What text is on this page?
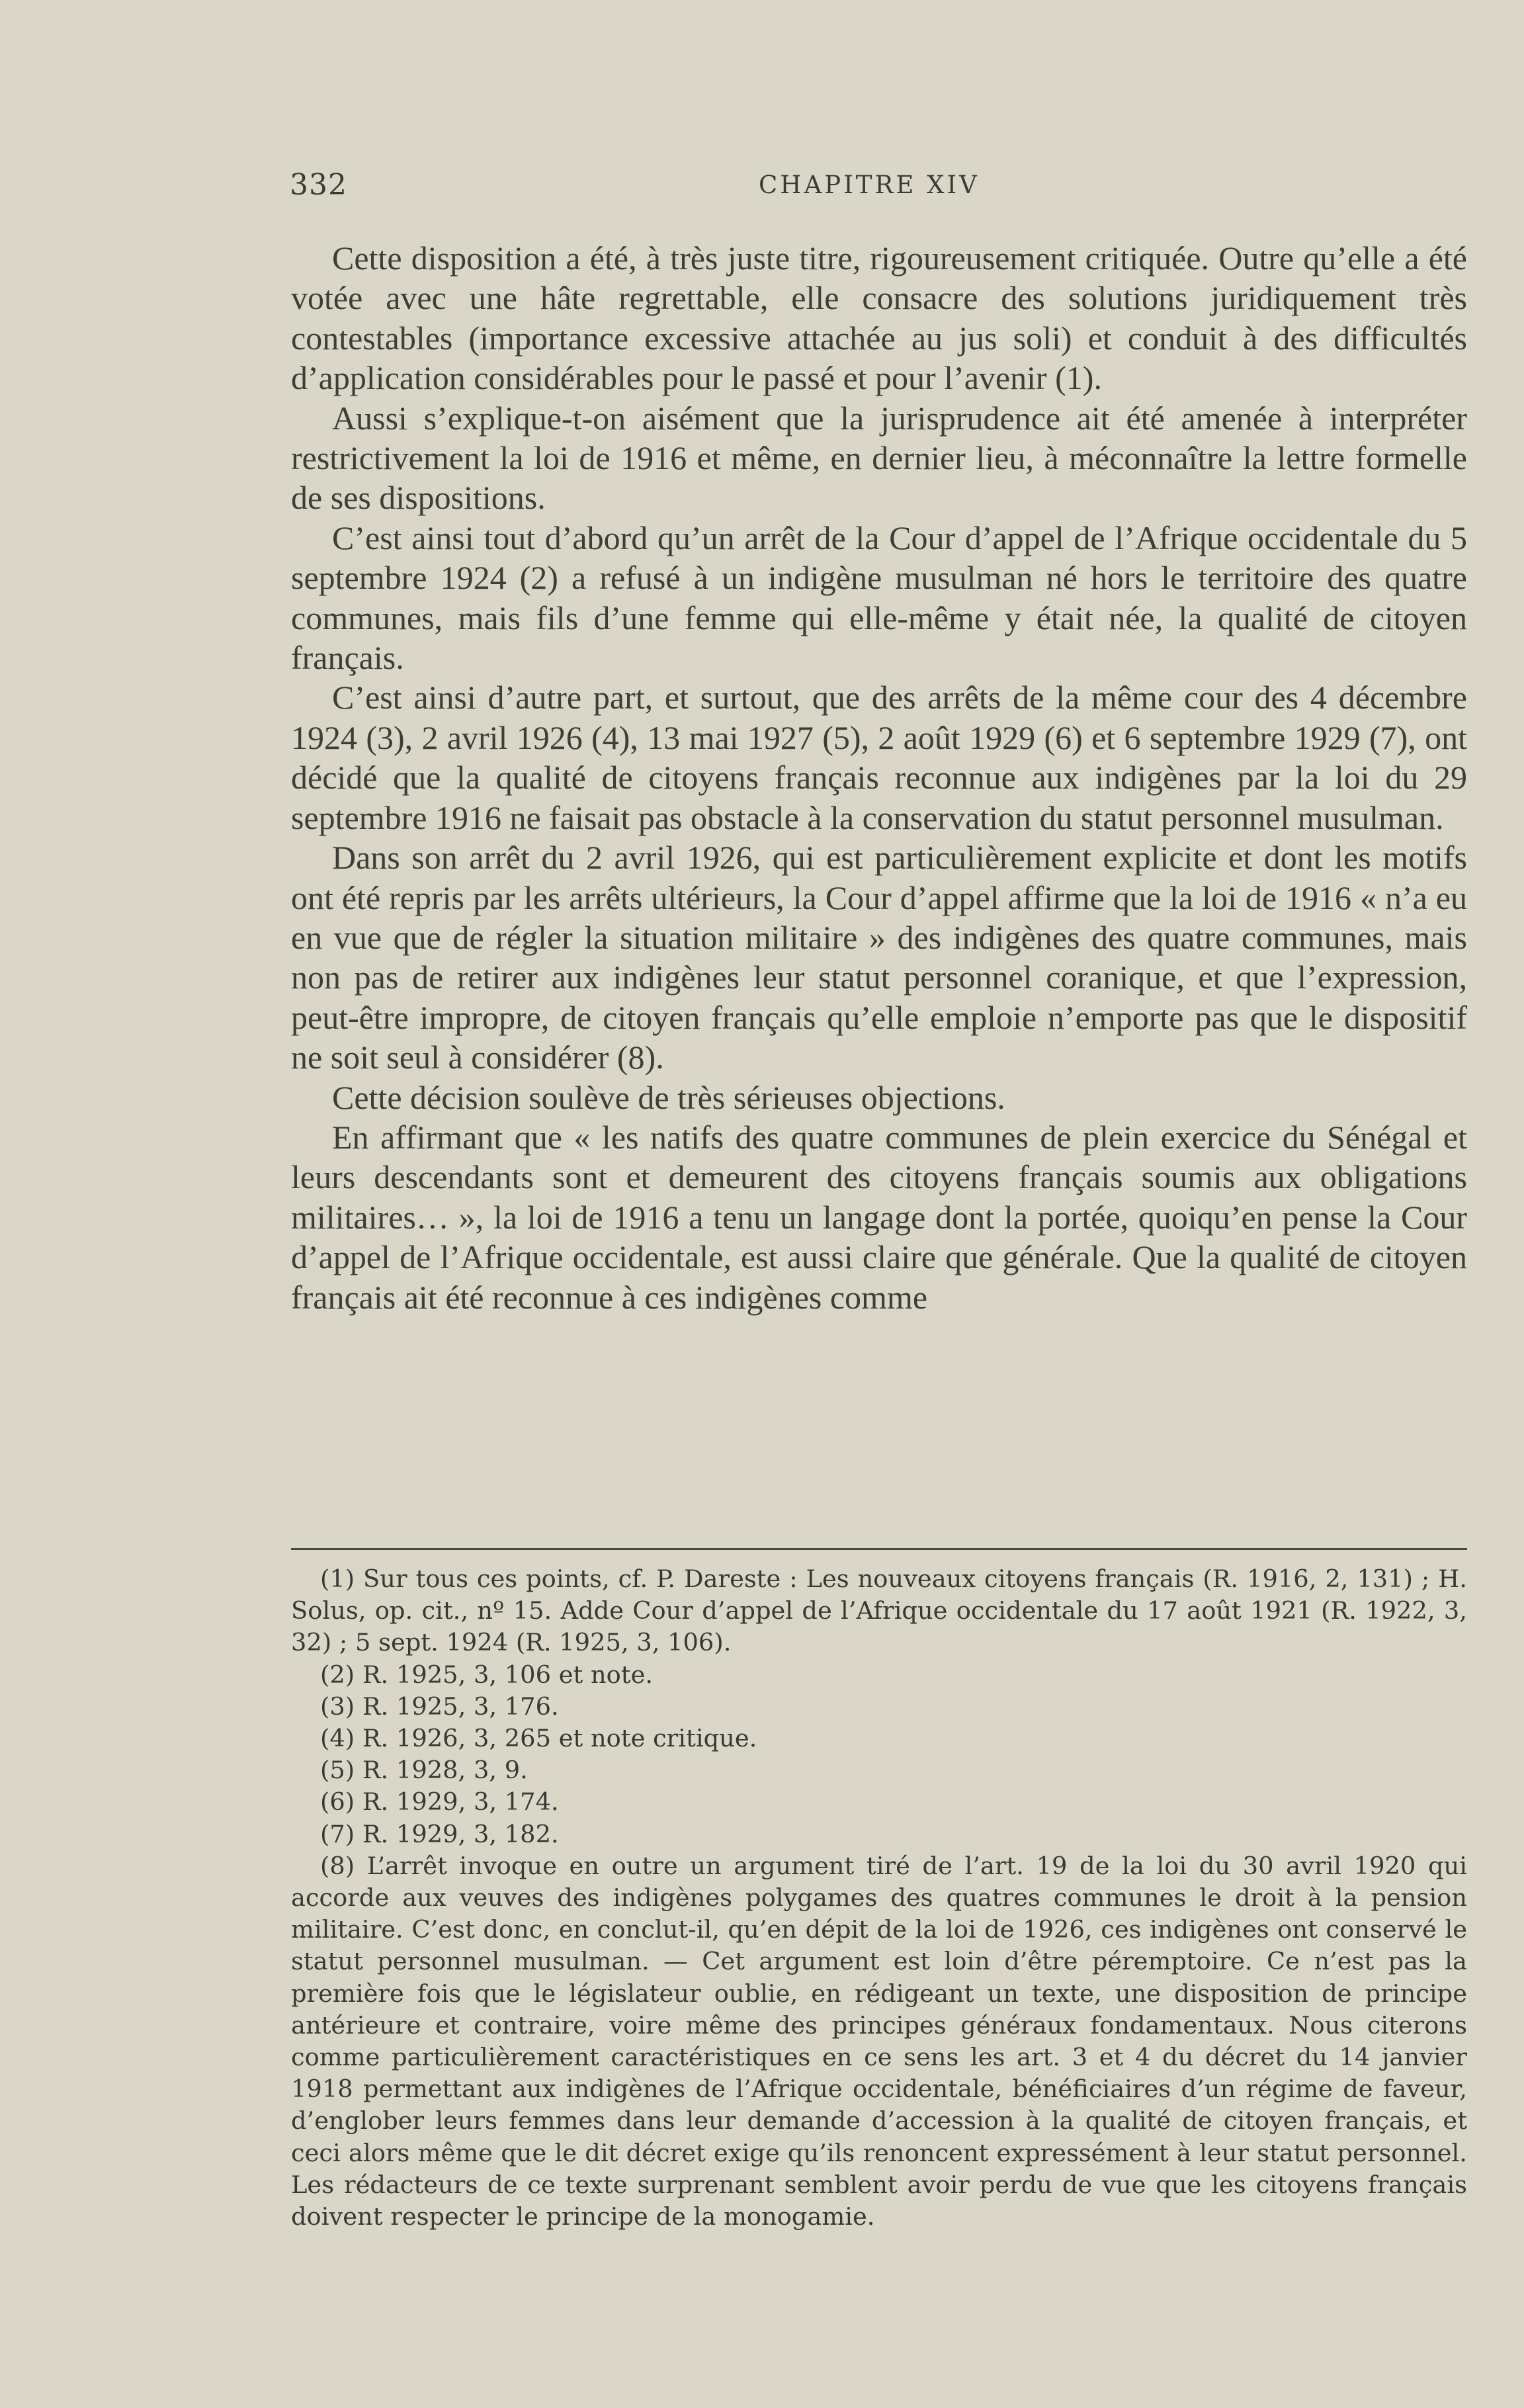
332	CHAPITRE XIV

Cette disposition a été, à très juste titre, rigoureusement critiquée. Outre qu’elle a été votée avec une hâte regrettable, elle consacre des solutions juridiquement très contestables (importance excessive attachée au jus soli) et conduit à des difficultés d’application considérables pour le passé et pour l’avenir (1).

Aussi s’explique-t-on aisément que la jurisprudence ait été amenée à interpréter restrictivement la loi de 1916 et même, en dernier lieu, à méconnaître la lettre formelle de ses dispositions.

C’est ainsi tout d’abord qu’un arrêt de la Cour d’appel de l’Afrique occidentale du 5 septembre 1924 (2) a refusé à un indigène musulman né hors le territoire des quatre communes, mais fils d’une femme qui elle-même y était née, la qualité de citoyen français.

C’est ainsi d’autre part, et surtout, que des arrêts de la même cour des 4 décembre 1924 (3), 2 avril 1926 (4), 13 mai 1927 (5), 2 août 1929 (6) et 6 septembre 1929 (7), ont décidé que la qualité de citoyens français reconnue aux indigènes par la loi du 29 septembre 1916 ne faisait pas obstacle à la conservation du statut personnel musulman.

Dans son arrêt du 2 avril 1926, qui est particulièrement explicite et dont les motifs ont été repris par les arrêts ultérieurs, la Cour d’appel affirme que la loi de 1916 « n’a eu en vue que de régler la situation militaire » des indigènes des quatre communes, mais non pas de retirer aux indigènes leur statut personnel coranique, et que l’expression, peut-être impropre, de citoyen français qu’elle emploie n’emporte pas que le dispositif ne soit seul à considérer (8).

Cette décision soulève de très sérieuses objections.

En affirmant que « les natifs des quatre communes de plein exercice du Sénégal et leurs descendants sont et demeurent des citoyens français soumis aux obligations militaires… », la loi de 1916 a tenu un langage dont la portée, quoiqu’en pense la Cour d’appel de l’Afrique occidentale, est aussi claire que générale. Que la qualité de citoyen français ait été reconnue à ces indigènes comme

(1) Sur tous ces points, cf. P. Dareste : Les nouveaux citoyens français (R. 1916, 2, 131) ; H. Solus, op. cit., nº 15. Adde Cour d’appel de l’Afrique occidentale du 17 août 1921 (R. 1922, 3, 32) ; 5 sept. 1924 (R. 1925, 3, 106).

(2) R. 1925, 3, 106 et note.

(3) R. 1925, 3, 176.

(4) R. 1926, 3, 265 et note critique.

(5) R. 1928, 3, 9.

(6) R. 1929, 3, 174.

(7) R. 1929, 3, 182.

(8) L’arrêt invoque en outre un argument tiré de l’art. 19 de la loi du 30 avril 1920 qui accorde aux veuves des indigènes polygames des quatres communes le droit à la pension militaire. C’est donc, en conclut-il, qu’en dépit de la loi de 1926, ces indigènes ont conservé le statut personnel musulman. — Cet argument est loin d’être péremptoire. Ce n’est pas la première fois que le législateur oublie, en rédigeant un texte, une disposition de principe antérieure et contraire, voire même des principes généraux fondamentaux. Nous citerons comme particulièrement caractéristiques en ce sens les art. 3 et 4 du décret du 14 janvier 1918 permettant aux indigènes de l’Afrique occidentale, bénéficiaires d’un régime de faveur, d’englober leurs femmes dans leur demande d’accession à la qualité de citoyen français, et ceci alors même que le dit décret exige qu’ils renoncent expressément à leur statut personnel. Les rédacteurs de ce texte surprenant semblent avoir perdu de vue que les citoyens français doivent respecter le principe de la monogamie.
